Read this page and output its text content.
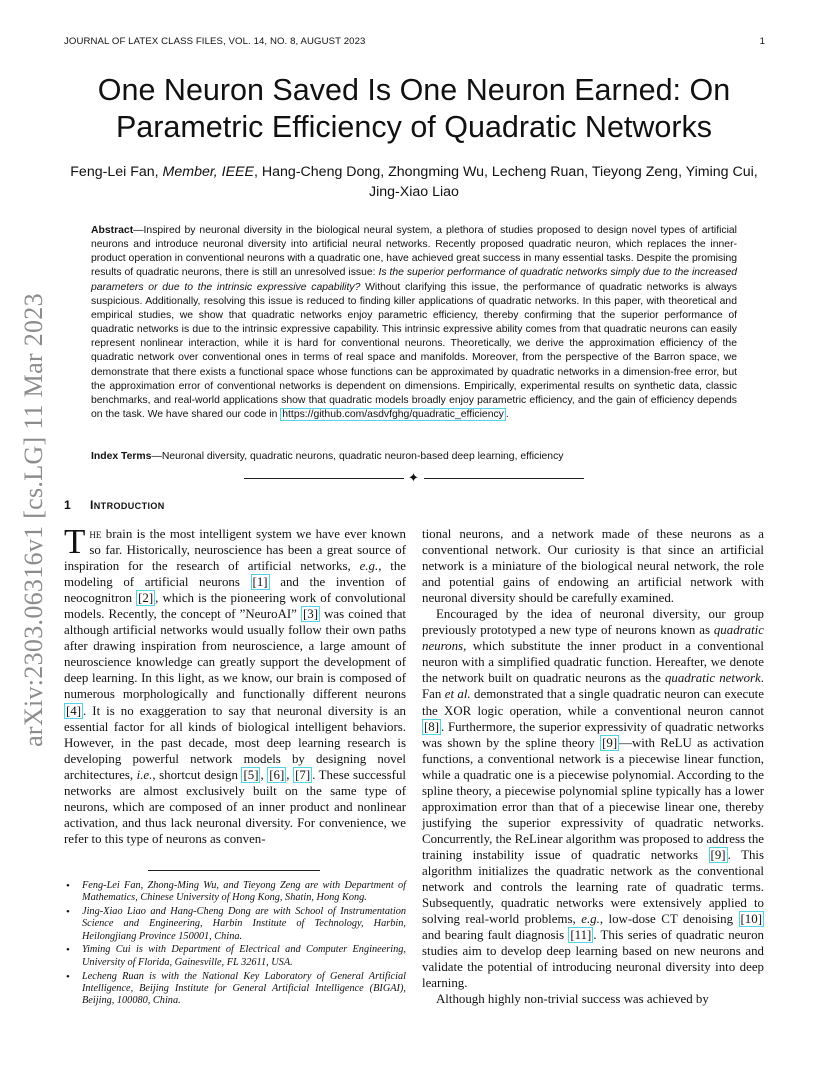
JOURNAL OF LATEX CLASS FILES, VOL. 14, NO. 8, AUGUST 2023	1
arXiv:2303.06316v1 [cs.LG] 11 Mar 2023
One Neuron Saved Is One Neuron Earned: On Parametric Efficiency of Quadratic Networks
Feng-Lei Fan, Member, IEEE, Hang-Cheng Dong, Zhongming Wu, Lecheng Ruan, Tieyong Zeng, Yiming Cui, Jing-Xiao Liao

Abstract—Inspired by neuronal diversity in the biological neural system, a plethora of studies proposed to design novel types of artificial neurons and introduce neuronal diversity into artificial neural networks. Recently proposed quadratic neuron, which replaces the inner-product operation in conventional neurons with a quadratic one, have achieved great success in many essential tasks. Despite the promising results of quadratic neurons, there is still an unresolved issue: Is the superior performance of quadratic networks simply due to the increased parameters or due to the intrinsic expressive capability? Without clarifying this issue, the performance of quadratic networks is always suspicious. Additionally, resolving this issue is reduced to finding killer applications of quadratic networks. In this paper, with theoretical and empirical studies, we show that quadratic networks enjoy parametric efficiency, thereby confirming that the superior performance of quadratic networks is due to the intrinsic expressive capability. This intrinsic expressive ability comes from that quadratic neurons can easily represent nonlinear interaction, while it is hard for conventional neurons. Theoretically, we derive the approximation efficiency of the quadratic network over conventional ones in terms of real space and manifolds. Moreover, from the perspective of the Barron space, we demonstrate that there exists a functional space whose functions can be approximated by quadratic networks in a dimension-free error, but the approximation error of conventional networks is dependent on dimensions. Empirically, experimental results on synthetic data, classic benchmarks, and real-world applications show that quadratic models broadly enjoy parametric efficiency, and the gain of efficiency depends on the task. We have shared our code in https://github.com/asdvfghg/quadratic_efficiency .

Index Terms—Neuronal diversity, quadratic neurons, quadratic neuron-based deep learning, efficiency

✦
1 Introduction

The brain is the most intelligent system we have ever known so far. Historically, neuroscience has been a great source of inspiration for the research of artificial networks, e.g., the modeling of artificial neurons [1] and the invention of neocognitron [2] , which is the pioneering work of convolutional models. Recently, the concept of ”NeuroAI” [3] was coined that although artificial networks would usually follow their own paths after drawing inspiration from neuroscience, a large amount of neuroscience knowledge can greatly support the development of deep learning. In this light, as we know, our brain is composed of numerous morphologically and functionally different neurons [4] . It is no exaggeration to say that neuronal diversity is an essential factor for all kinds of biological intelligent behaviors. However, in the past decade, most deep learning research is developing powerful network models by designing novel architectures, i.e., shortcut design [5] , [6] , [7] . These successful networks are almost exclusively built on the same type of neurons, which are composed of an inner product and nonlinear activation, and thus lack neuronal diversity. For convenience, we refer to this type of neurons as conven-

• Feng-Lei Fan, Zhong-Ming Wu, and Tieyong Zeng are with Department of Mathematics, Chinese University of Hong Kong, Shatin, Hong Kong.
• Jing-Xiao Liao and Hang-Cheng Dong are with School of Instrumentation Science and Engineering, Harbin Institute of Technology, Harbin, Heilongjiang Province 150001, China.
• Yiming Cui is with Department of Electrical and Computer Engineering, University of Florida, Gainesville, FL 32611, USA.
• Lecheng Ruan is with the National Key Laboratory of General Artificial Intelligence, Beijing Institute for General Artificial Intelligence (BIGAI), Beijing, 100080, China.

tional neurons, and a network made of these neurons as a conventional network. Our curiosity is that since an artificial network is a miniature of the biological neural network, the role and potential gains of endowing an artificial network with neuronal diversity should be carefully examined.

Encouraged by the idea of neuronal diversity, our group previously prototyped a new type of neurons known as quadratic neurons, which substitute the inner product in a conventional neuron with a simplified quadratic function. Hereafter, we denote the network built on quadratic neurons as the quadratic network. Fan et al. demonstrated that a single quadratic neuron can execute the XOR logic operation, while a conventional neuron cannot [8] . Furthermore, the superior expressivity of quadratic networks was shown by the spline theory [9] —with ReLU as activation functions, a conventional network is a piecewise linear function, while a quadratic one is a piecewise polynomial. According to the spline theory, a piecewise polynomial spline typically has a lower approximation error than that of a piecewise linear one, thereby justifying the superior expressivity of quadratic networks. Concurrently, the ReLinear algorithm was proposed to address the training instability issue of quadratic networks [9] . This algorithm initializes the quadratic network as the conventional network and controls the learning rate of quadratic terms. Subsequently, quadratic networks were extensively applied to solving real-world problems, e.g., low-dose CT denoising [10] and bearing fault diagnosis [11] . This series of quadratic neuron studies aim to develop deep learning based on new neurons and validate the potential of introducing neuronal diversity into deep learning.

Although highly non-trivial success was achieved by
